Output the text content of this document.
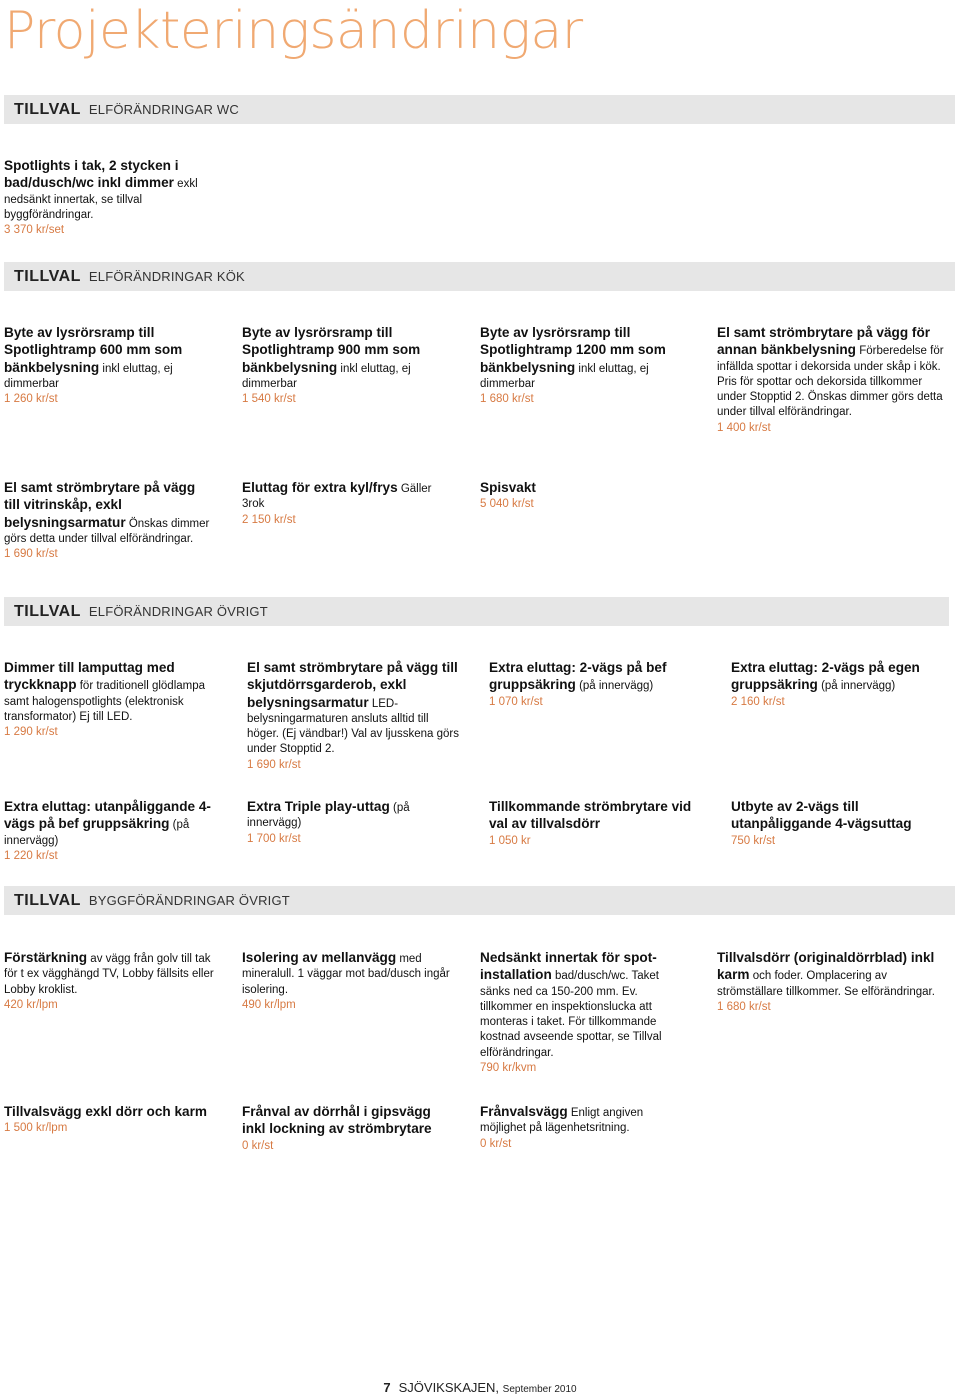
Projekteringsändringar
TILLVAL ELFÖRÄNDRINGAR WC
Spotlights i tak, 2 stycken i bad/dusch/wc inkl dimmer exkl nedsänkt innertak, se tillval byggförändringar.
3 370 kr/set
TILLVAL ELFÖRÄNDRINGAR KÖK
Byte av lysrörsramp till Spotlightramp 600 mm som bänkbelysning inkl eluttag, ej dimmerbar
1 260 kr/st
Byte av lysrörsramp till Spotlightramp 900 mm som bänkbelysning inkl eluttag, ej dimmerbar
1 540 kr/st
Byte av lysrörsramp till Spotlightramp 1200 mm som bänkbelysning inkl eluttag, ej dimmerbar
1 680 kr/st
El samt strömbrytare på vägg för annan bänkbelysning Förberedelse för infällda spottar i dekorsida under skåp i kök. Pris för spottar och dekorsida tillkommer under Stopptid 2. Önskas dimmer görs detta under tillval elförändringar.
1 400 kr/st
El samt strömbrytare på vägg till vitrinskåp, exkl belysningsarmatur Önskas dimmer görs detta under tillval elförändringar.
1 690 kr/st
Eluttag för extra kyl/frys Gäller 3rok
2 150 kr/st
Spisvakt
5 040 kr/st
TILLVAL ELFÖRÄNDRINGAR ÖVRIGT
Dimmer till lamputtag med tryckknapp för traditionell glödlampa samt halogenspotlights (elektronisk transformator) Ej till LED.
1 290 kr/st
El samt strömbrytare på vägg till skjutdörrsgarderob, exkl belysningsarmatur LED-belysningarmaturen ansluts alltid till höger. (Ej vändbar!) Val av ljusskena görs under Stopptid 2.
1 690 kr/st
Extra eluttag: 2-vägs på bef gruppsäkring (på innervägg)
1 070 kr/st
Extra eluttag: 2-vägs på egen gruppsäkring (på innervägg)
2 160 kr/st
Extra eluttag: utanpåliggande 4-vägs på bef gruppsäkring (på innervägg)
1 220 kr/st
Extra Triple play-uttag (på innervägg)
1 700 kr/st
Tillkommande strömbrytare vid val av tillvalsdörr
1 050 kr
Utbyte av 2-vägs till utanpåliggande 4-vägsuttag
750 kr/st
TILLVAL BYGGFÖRÄNDRINGAR ÖVRIGT
Förstärkning av vägg från golv till tak för t ex vägghängd TV, Lobby fällsits eller Lobby kroklist.
420 kr/lpm
Isolering av mellanvägg med mineralull. 1 väggar mot bad/dusch ingår isolering.
490 kr/lpm
Nedsänkt innertak för spot-installation bad/dusch/wc. Taket sänks ned ca 150-200 mm. Ev. tillkommer en inspektionslucka att monteras i taket. För tillkommande kostnad avseende spottar, se Tillval elförändringar.
790 kr/kvm
Tillvalsdörr (originaldörrblad) inkl karm och foder. Omplacering av strömställare tillkommer. Se elförändringar.
1 680 kr/st
Tillvalsvägg exkl dörr och karm
1 500 kr/lpm
Frånval av dörrhål i gipsvägg inkl lockning av strömbrytare
0 kr/st
Frånvalsvägg Enligt angiven möjlighet på lägenhetsritning.
0 kr/st
7 SJÖVIKSKAJEN, September 2010
